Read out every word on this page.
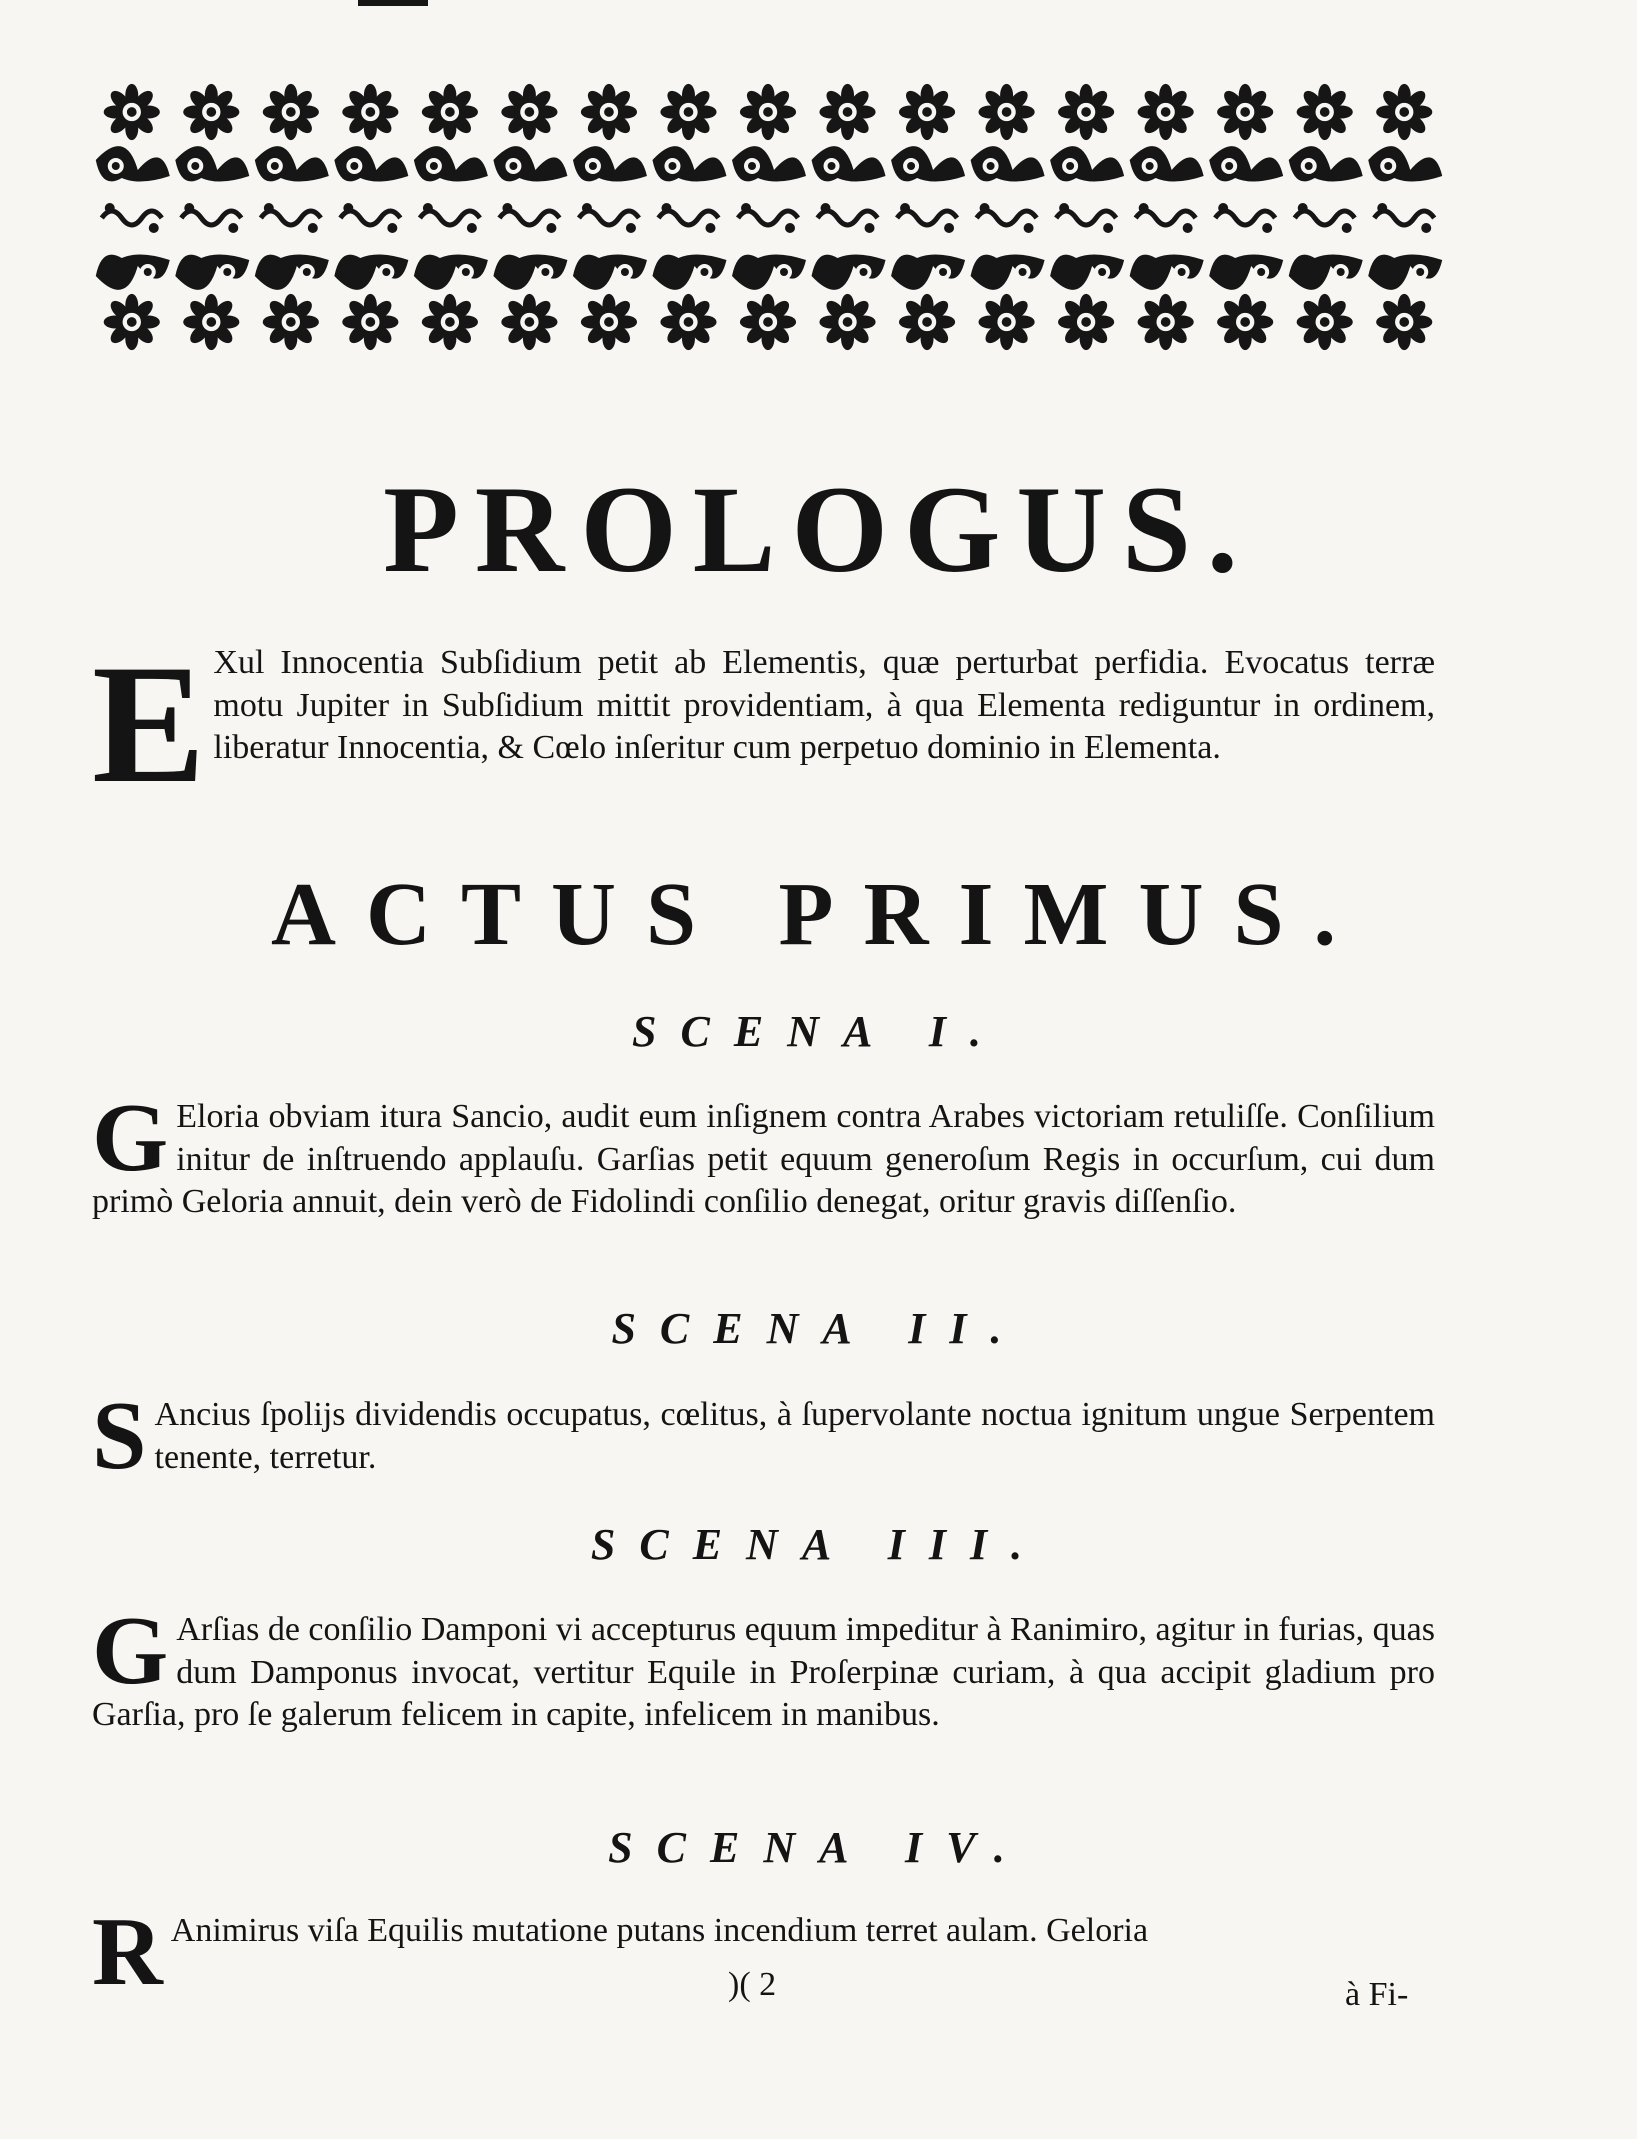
PROLOGUS.

E Xul Innocentia Subſidium petit ab Elementis, quæ perturbat perfidia. Evocatus terræ motu Jupiter in Subſidium mittit providentiam, à qua Elementa rediguntur in ordinem, liberatur Innocentia, & Cœlo inſeritur cum perpetuo dominio in Elementa.

ACTUS PRIMUS.
SCENA I.

G Eloria obviam itura Sancio, audit eum inſignem contra Arabes victoriam retuliſſe. Conſilium initur de inſtruendo applauſu. Garſias petit equum generoſum Regis in occurſum, cui dum primò Geloria annuit, dein verò de Fidolindi conſilio denegat, oritur gravis diſſenſio.

SCENA II.

S Ancius ſpolijs dividendis occupatus, cœlitus, à ſupervolante noctua ignitum ungue Serpentem tenente, terretur.

SCENA III.

G Arſias de conſilio Damponi vi accepturus equum impeditur à Ranimiro, agitur in furias, quas dum Damponus invocat, vertitur Equile in Proſerpinæ curiam, à qua accipit gladium pro Garſia, pro ſe galerum felicem in capite, infelicem in manibus.

SCENA IV.

R Animirus viſa Equilis mutatione putans incendium terret aulam. Geloria

)( 2	à Fi-
